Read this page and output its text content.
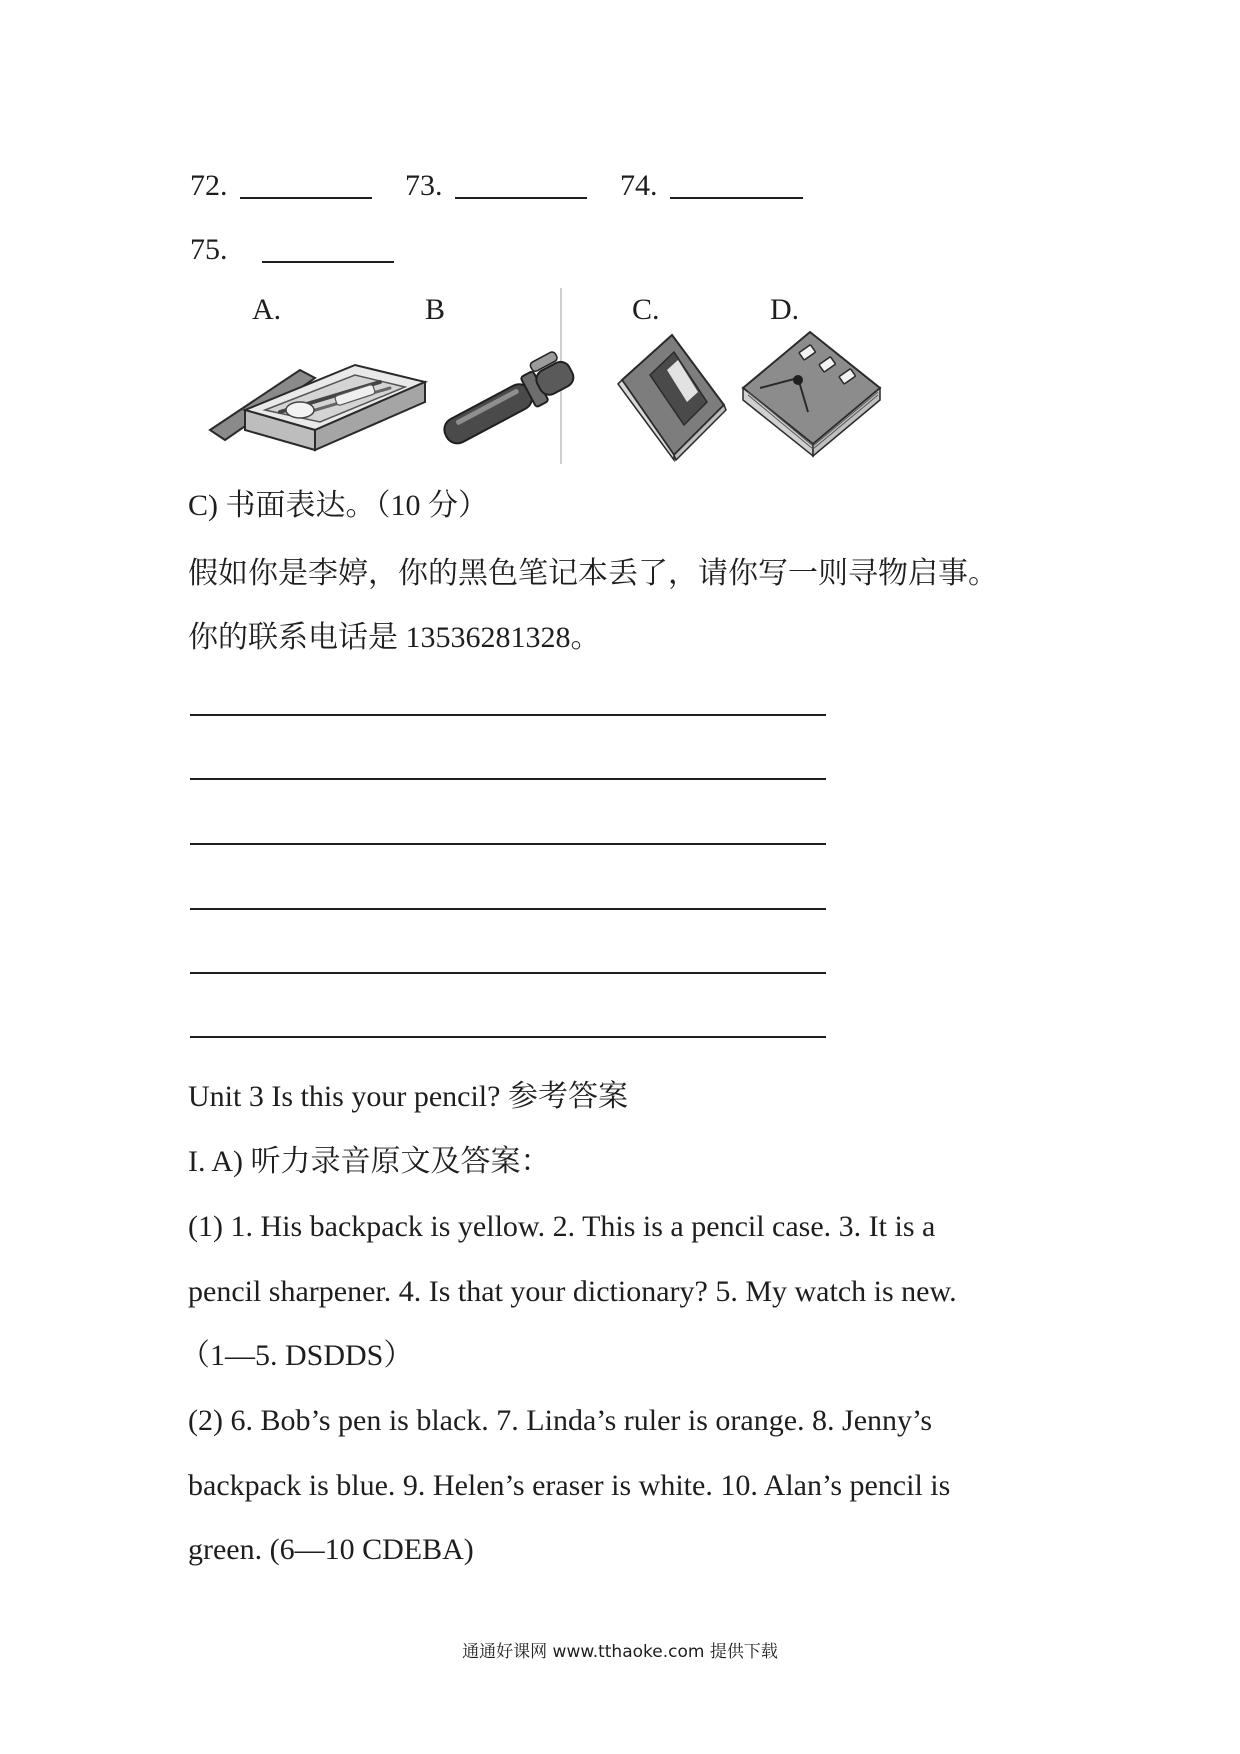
72.	73.	74.
75.
A.	B	C.	D.
C) 书面表达。（10 分）
假如你是李婷，你的黑色笔记本丢了，请你写一则寻物启事。
你的联系电话是 13536281328。
Unit 3 Is this your pencil? 参考答案
I. A) 听力录音原文及答案：
(1) 1. His backpack is yellow. 2. This is a pencil case. 3. It is a
pencil sharpener. 4. Is that your dictionary? 5. My watch is new.
（1—5. DSDDS）
(2) 6. Bob’s pen is black. 7. Linda’s ruler is orange. 8. Jenny’s
backpack is blue. 9. Helen’s eraser is white. 10. Alan’s pencil is
green. (6—10 CDEBA)
通通好课网 www.tthaoke.com 提供下载
